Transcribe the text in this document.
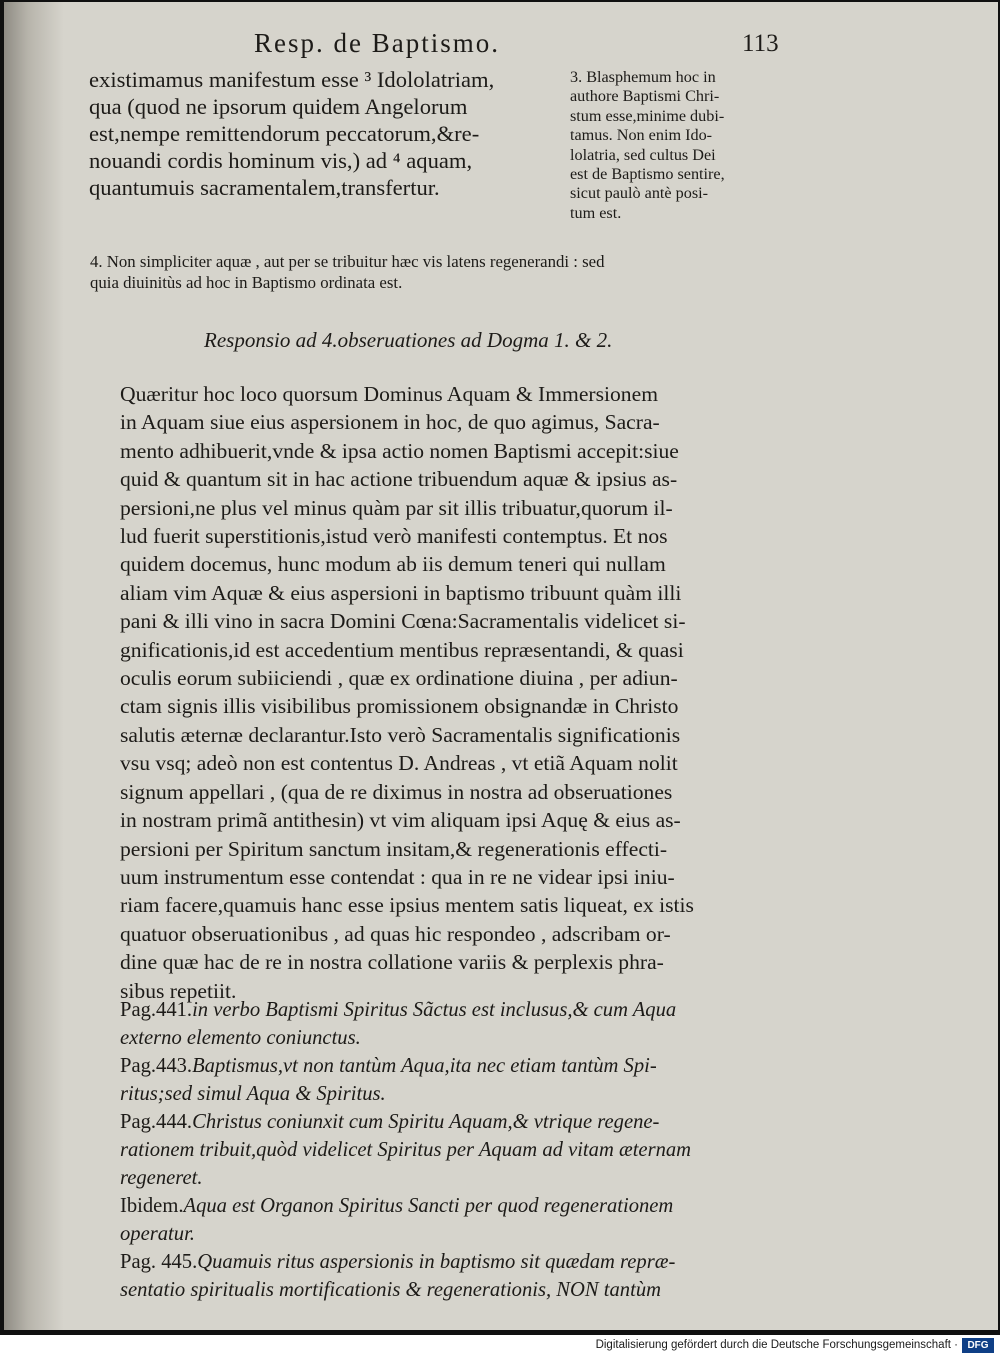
Resp. de Baptismo.	113
existimamus manifestum esse ³ Idololatriam,
qua (quod ne ipsorum quidem Angelorum
est,nempe remittendorum peccatorum,&re-
nouandi cordis hominum vis,) ad ⁴ aquam,
quantumuis sacramentalem,transfertur.
3. Blasphemum hoc in
authore Baptismi Chri-
stum esse,minime dubi-
tamus. Non enim Ido-
lolatria, sed cultus Dei
est de Baptismo sentire,
sicut paulò antè posi-
tum est.
4. Non simpliciter aquæ , aut per se tribuitur hæc vis latens regenerandi : sed
quia diuinitùs ad hoc in Baptismo ordinata est.
Responsio ad 4.obseruationes ad Dogma 1. & 2.
Quæritur hoc loco quorsum Dominus Aquam & Immersionem
in Aquam siue eius aspersionem in hoc, de quo agimus, Sacra-
mento adhibuerit,vnde & ipsa actio nomen Baptismi accepit:siue
quid & quantum sit in hac actione tribuendum aquæ & ipsius as-
persioni,ne plus vel minus quàm par sit illis tribuatur,quorum il-
lud fuerit superstitionis,istud verò manifesti contemptus. Et nos
quidem docemus, hunc modum ab iis demum teneri qui nullam
aliam vim Aquæ & eius aspersioni in baptismo tribuunt quàm illi
pani & illi vino in sacra Domini Cœna:Sacramentalis videlicet si-
gnificationis,id est accedentium mentibus repræsentandi, & quasi
oculis eorum subiiciendi , quæ ex ordinatione diuina , per adiun-
ctam signis illis visibilibus promissionem obsignandæ in Christo
salutis æternæ declarantur.Isto verò Sacramentalis significationis
vsu vsq; adeò non est contentus D. Andreas , vt etiã Aquam nolit
signum appellari , (qua de re diximus in nostra ad obseruationes
in nostram primã antithesin) vt vim aliquam ipsi Aquę & eius as-
persioni per Spiritum sanctum insitam,& regenerationis effecti-
uum instrumentum esse contendat : qua in re ne videar ipsi iniu-
riam facere,quamuis hanc esse ipsius mentem satis liqueat, ex istis
quatuor obseruationibus , ad quas hic respondeo , adscribam or-
dine quæ hac de re in nostra collatione variis & perplexis phra-
sibus repetiit.
Pag.441.in verbo Baptismi Spiritus Sãctus est inclusus,& cum Aqua
externo elemento coniunctus.
Pag.443.Baptismus,vt non tantùm Aqua,ita nec etiam tantùm Spi-
ritus;sed simul Aqua & Spiritus.
Pag.444.Christus coniunxit cum Spiritu Aquam,& vtrique regene-
rationem tribuit,quòd videlicet Spiritus per Aquam ad vitam æternam
regeneret.
Ibidem.Aqua est Organon Spiritus Sancti per quod regenerationem
operatur.
Pag. 445.Quamuis ritus aspersionis in baptismo sit quædam repræ-
sentatio spiritualis mortificationis & regenerationis, NON tantùm
Digitalisierung gefördert durch die Deutsche Forschungsgemeinschaft · DFG
